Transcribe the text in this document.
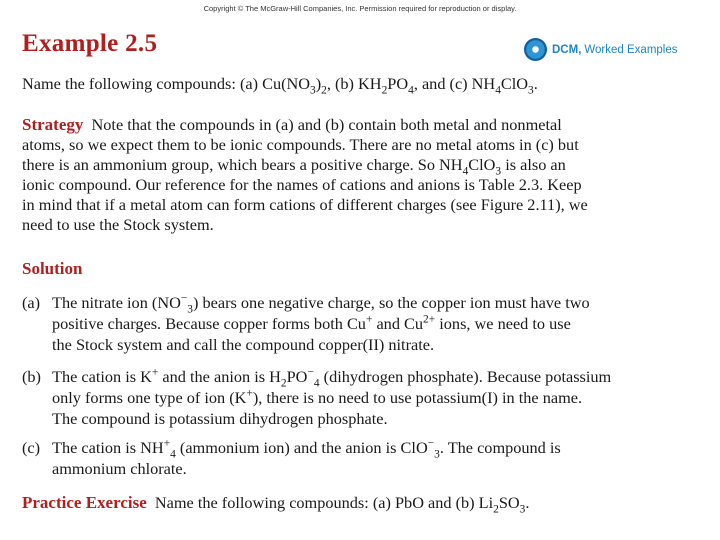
Copyright © The McGraw-Hill Companies, Inc. Permission required for reproduction or display.
Example 2.5	DCM, Worked Examples
Name the following compounds: (a) $Cu(NO_3)_2$, (b) $KH_2PO_4$, and (c) $NH_4ClO_3$.
Strategy Note that the compounds in (a) and (b) contain both metal and nonmetal
atoms, so we expect them to be ionic compounds. There are no metal atoms in (c) but
there is an ammonium group, which bears a positive charge. So $NH_4ClO_3$ is also an
ionic compound. Our reference for the names of cations and anions is Table 2.3. Keep
in mind that if a metal atom can form cations of different charges (see Figure 2.11), we
need to use the Stock system.
Solution
(a) The nitrate ion $(NO^-_3)$ bears one negative charge, so the copper ion must have two
positive charges. Because copper forms both Cu+ and $Cu^{2+}$ ions, we need to use
the Stock system and call the compound copper(II) nitrate.
(b) The cation is K+ and the anion is $H_2PO^-_4$ (dihydrogen phosphate). Because potassium
only forms one type of ion (K+), there is no need to use potassium(I) in the name.
The compound is potassium dihydrogen phosphate.
(c) The cation is $NH^+_4$ (ammonium ion) and the anion is ClO−$_3$. The compound is
ammonium chlorate.
Practice Exercise Name the following compounds: (a) PbO and (b) $Li_2SO_3$.
